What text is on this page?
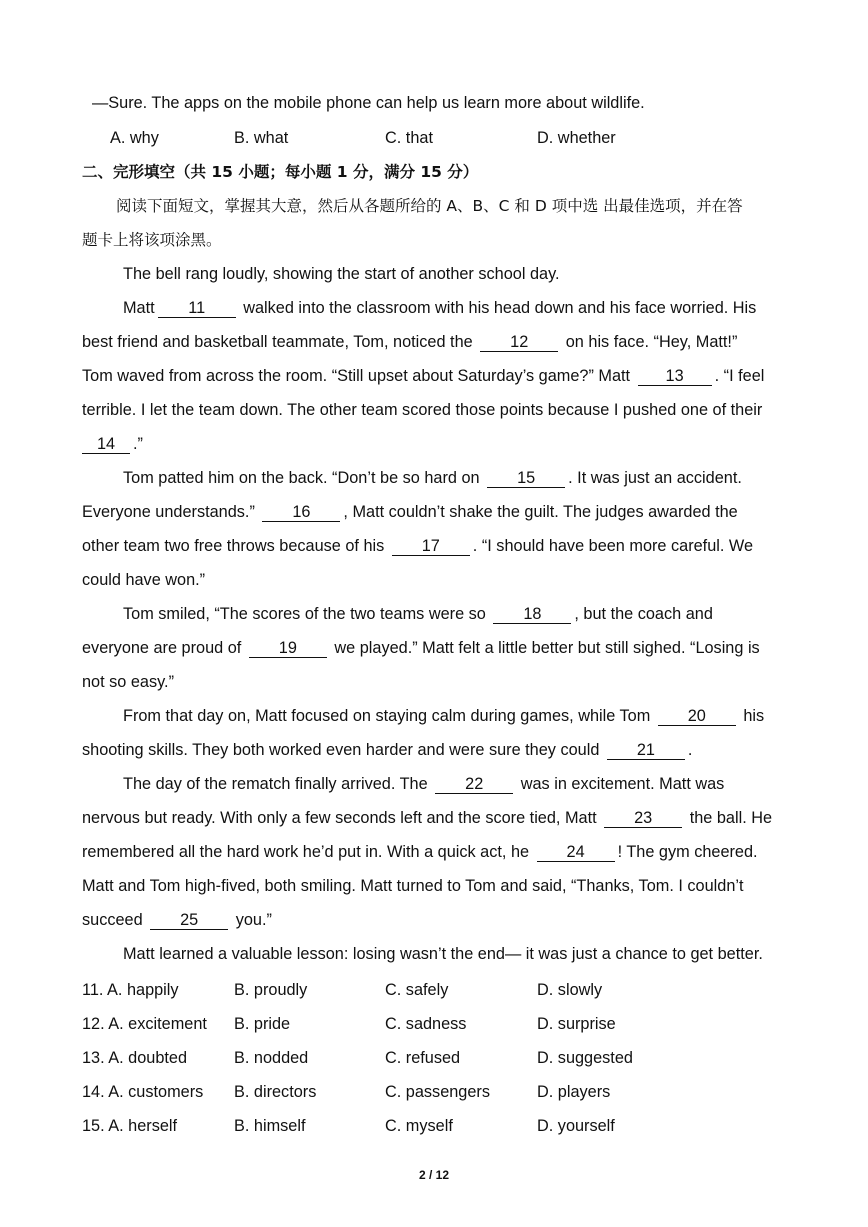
—Sure. The apps on the mobile phone can help us learn more about wildlife.
A. why	B. what	C. that	D. whether
二、完形填空（共 15 小题；每小题 1 分，满分 15 分）
阅读下面短文，掌握其大意，然后从各题所给的 A、B、C 和 D 项中选 出最佳选项，并在答
题卡上将该项涂黑。
The bell rang loudly, showing the start of another school day.
Matt 11 walked into the classroom with his head down and his face worried. His
best friend and basketball teammate, Tom, noticed the 12 on his face. “Hey, Matt!”
Tom waved from across the room. “Still upset about Saturday’s game?” Matt 13 . “I feel
terrible. I let the team down. The other team scored those points because I pushed one of their
14 .”
Tom patted him on the back. “Don’t be so hard on 15 . It was just an accident.
Everyone understands.” 16 , Matt couldn’t shake the guilt. The judges awarded the
other team two free throws because of his 17 . “I should have been more careful. We
could have won.”
Tom smiled, “The scores of the two teams were so 18 , but the coach and
everyone are proud of 19 we played.” Matt felt a little better but still sighed. “Losing is
not so easy.”
From that day on, Matt focused on staying calm during games, while Tom 20 his
shooting skills. They both worked even harder and were sure they could 21 .
The day of the rematch finally arrived. The 22 was in excitement. Matt was
nervous but ready. With only a few seconds left and the score tied, Matt 23 the ball. He
remembered all the hard work he’d put in. With a quick act, he 24 ! The gym cheered.
Matt and Tom high-fived, both smiling. Matt turned to Tom and said, “Thanks, Tom. I couldn’t
succeed 25 you.”
Matt learned a valuable lesson: losing wasn’t the end— it was just a chance to get better.
11. A. happily	B. proudly	C. safely	D. slowly
12. A. excitement B. pride	C. sadness	D. surprise
13. A. doubted	B. nodded	C. refused	D. suggested
14. A. customers B. directors	C. passengers	D. players
15. A. herself	B. himself	C. myself	D. yourself
2 / 12
